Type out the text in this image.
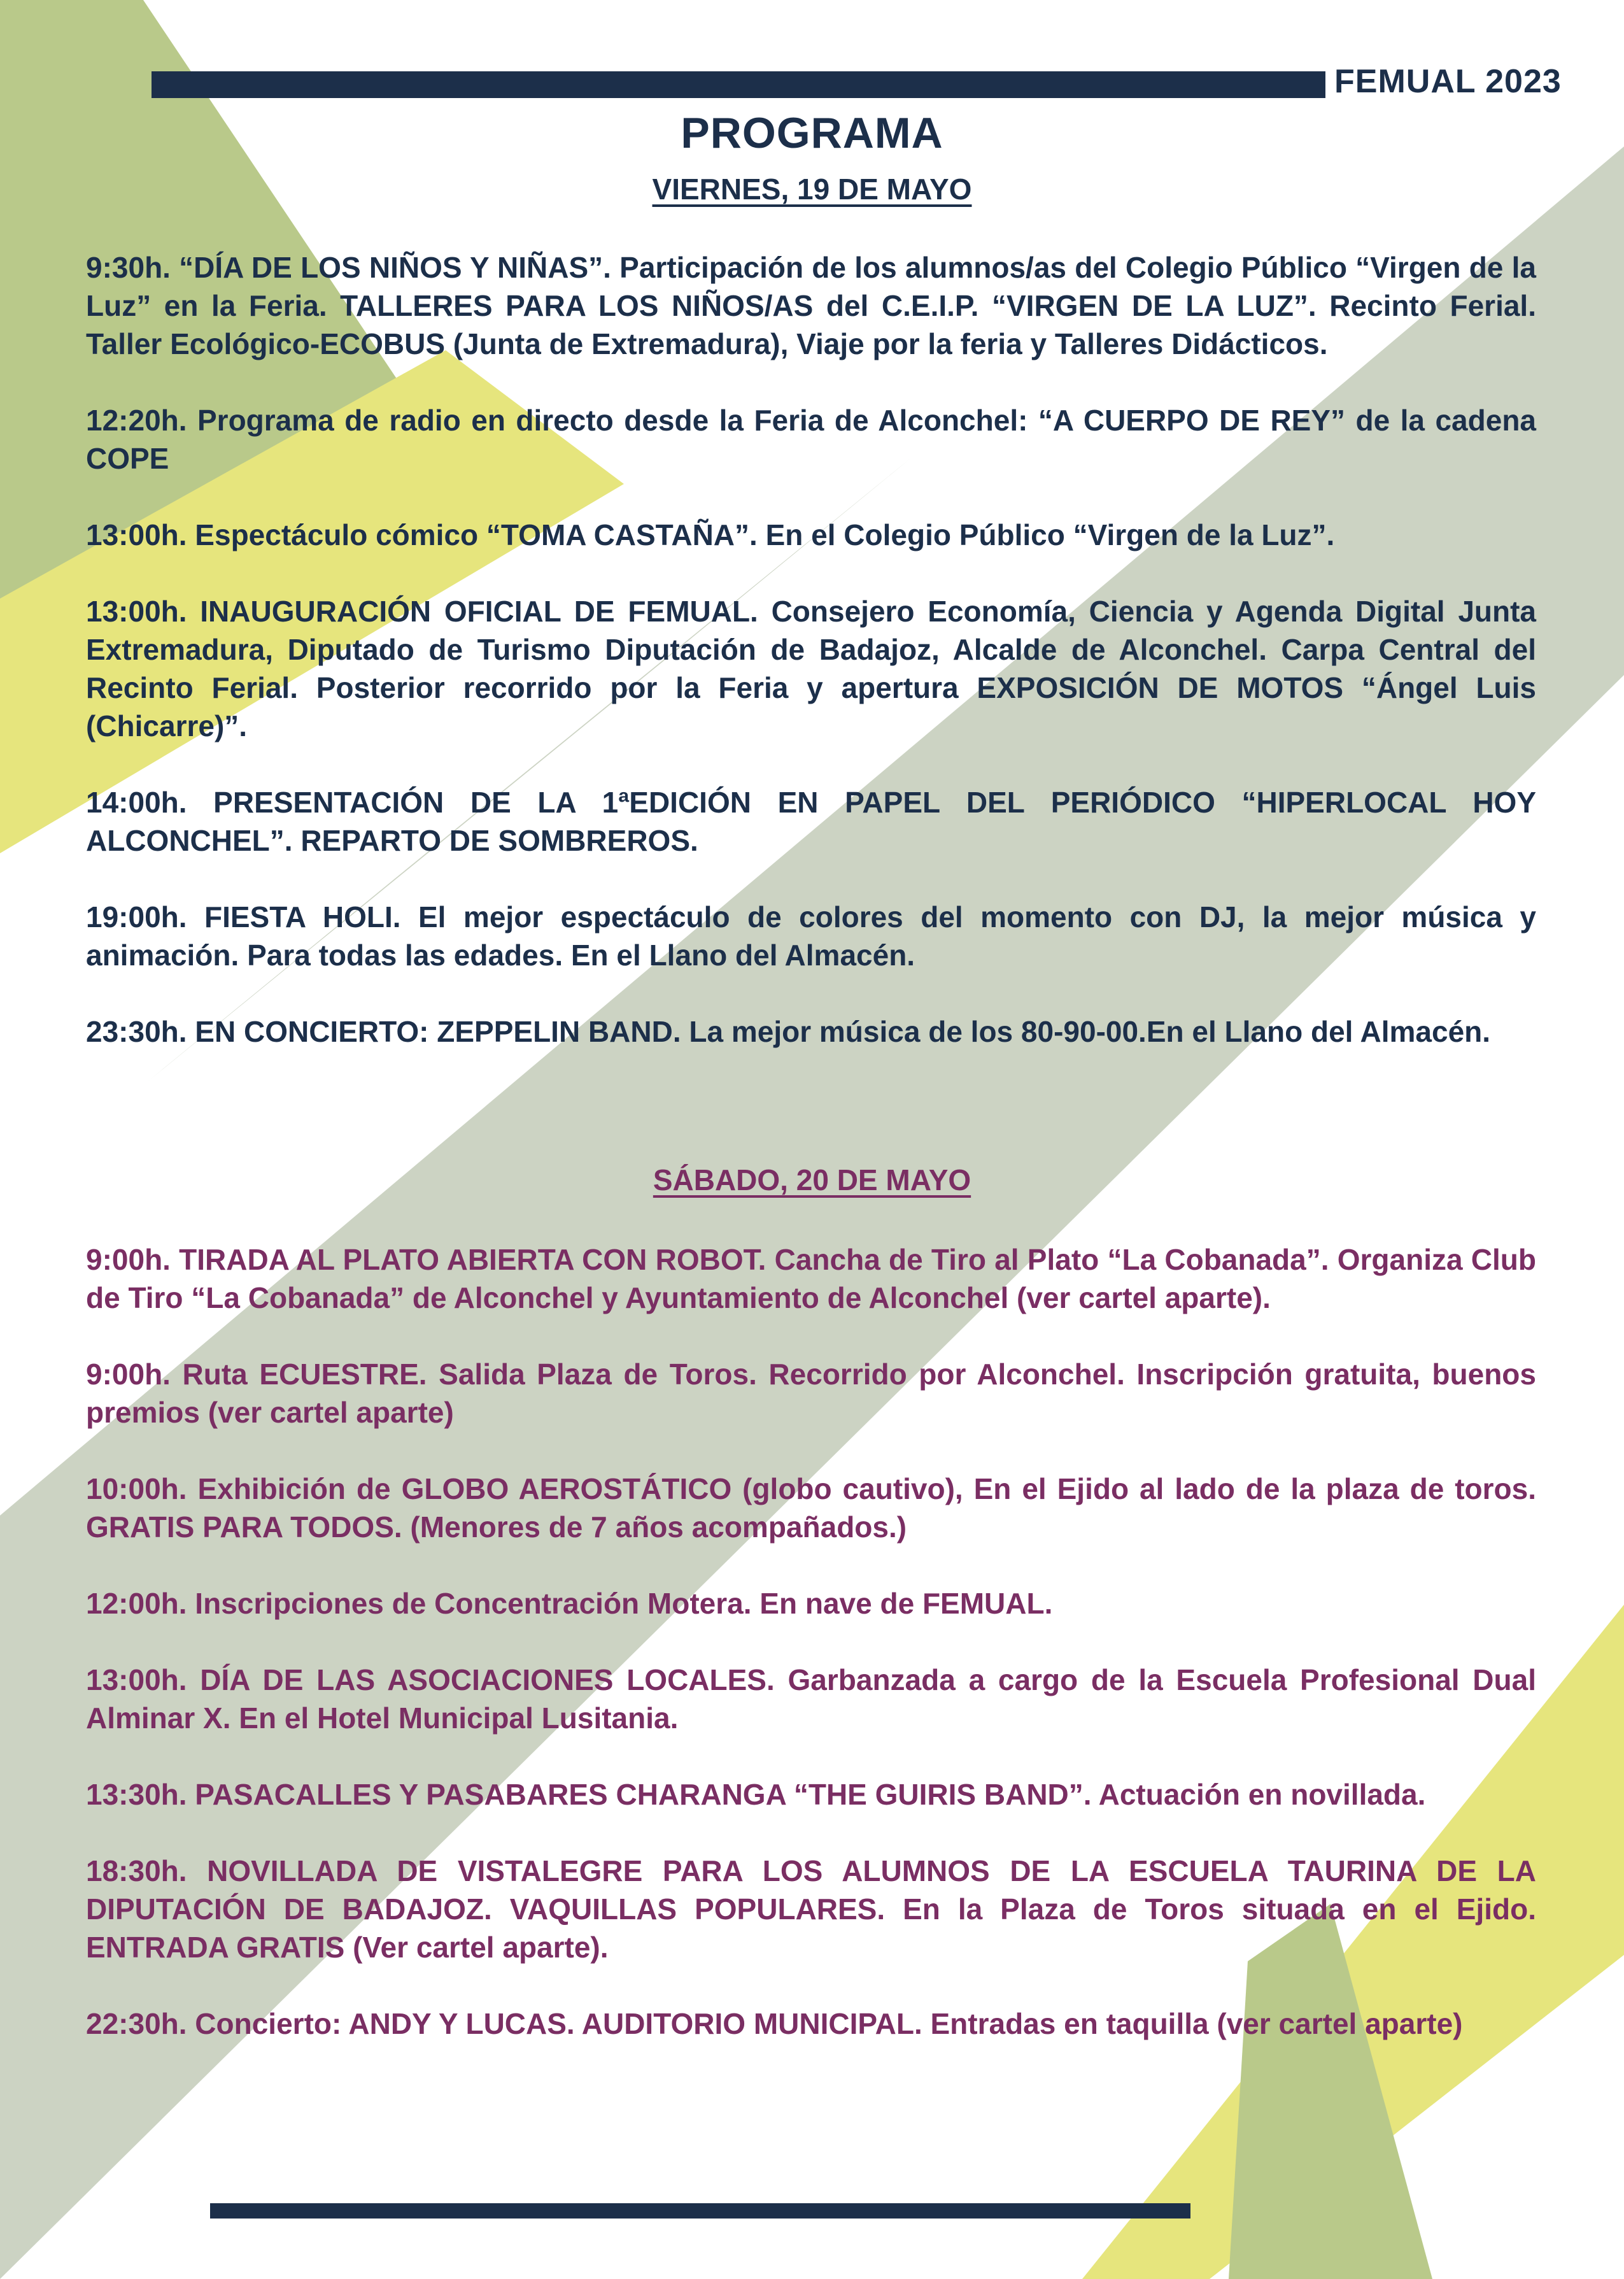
FEMUAL 2023
PROGRAMA
VIERNES, 19 DE MAYO

9:30h. “DÍA DE LOS NIÑOS Y NIÑAS”. Participación de los alumnos/as del Colegio Público “Virgen de la Luz” en la Feria. TALLERES PARA LOS NIÑOS/AS del C.E.I.P. “VIRGEN DE LA LUZ”. Recinto Ferial. Taller Ecológico-ECOBUS (Junta de Extremadura), Viaje por la feria y Talleres Didácticos.

12:20h. Programa de radio en directo desde la Feria de Alconchel: “A CUERPO DE REY” de la cadena COPE

13:00h. Espectáculo cómico “TOMA CASTAÑA”. En el Colegio Público “Virgen de la Luz”.

13:00h. INAUGURACIÓN OFICIAL DE FEMUAL. Consejero Economía, Ciencia y Agenda Digital Junta Extremadura, Diputado de Turismo Diputación de Badajoz, Alcalde de Alconchel. Carpa Central del Recinto Ferial. Posterior recorrido por la Feria y apertura EXPOSICIÓN DE MOTOS “Ángel Luis (Chicarre)”.

14:00h. PRESENTACIÓN DE LA 1ªEDICIÓN EN PAPEL DEL PERIÓDICO “HIPERLOCAL HOY ALCONCHEL”. REPARTO DE SOMBREROS.

19:00h. FIESTA HOLI. El mejor espectáculo de colores del momento con DJ, la mejor música y animación. Para todas las edades. En el Llano del Almacén.

23:30h. EN CONCIERTO: ZEPPELIN BAND. La mejor música de los 80-90-00.En el Llano del Almacén.

SÁBADO, 20 DE MAYO

9:00h. TIRADA AL PLATO ABIERTA CON ROBOT. Cancha de Tiro al Plato “La Cobanada”. Organiza Club de Tiro “La Cobanada” de Alconchel y Ayuntamiento de Alconchel (ver cartel aparte).

9:00h. Ruta ECUESTRE. Salida Plaza de Toros. Recorrido por Alconchel. Inscripción gratuita, buenos premios (ver cartel aparte)

10:00h. Exhibición de GLOBO AEROSTÁTICO (globo cautivo), En el Ejido al lado de la plaza de toros. GRATIS PARA TODOS. (Menores de 7 años acompañados.)

12:00h. Inscripciones de Concentración Motera. En nave de FEMUAL.

13:00h. DÍA DE LAS ASOCIACIONES LOCALES. Garbanzada a cargo de la Escuela Profesional Dual Alminar X. En el Hotel Municipal Lusitania.

13:30h. PASACALLES Y PASABARES CHARANGA “THE GUIRIS BAND”. Actuación en novillada.

18:30h. NOVILLADA DE VISTALEGRE PARA LOS ALUMNOS DE LA ESCUELA TAURINA DE LA DIPUTACIÓN DE BADAJOZ. VAQUILLAS POPULARES. En la Plaza de Toros situada en el Ejido. ENTRADA GRATIS (Ver cartel aparte).

22:30h. Concierto: ANDY Y LUCAS. AUDITORIO MUNICIPAL. Entradas en taquilla (ver cartel aparte)
